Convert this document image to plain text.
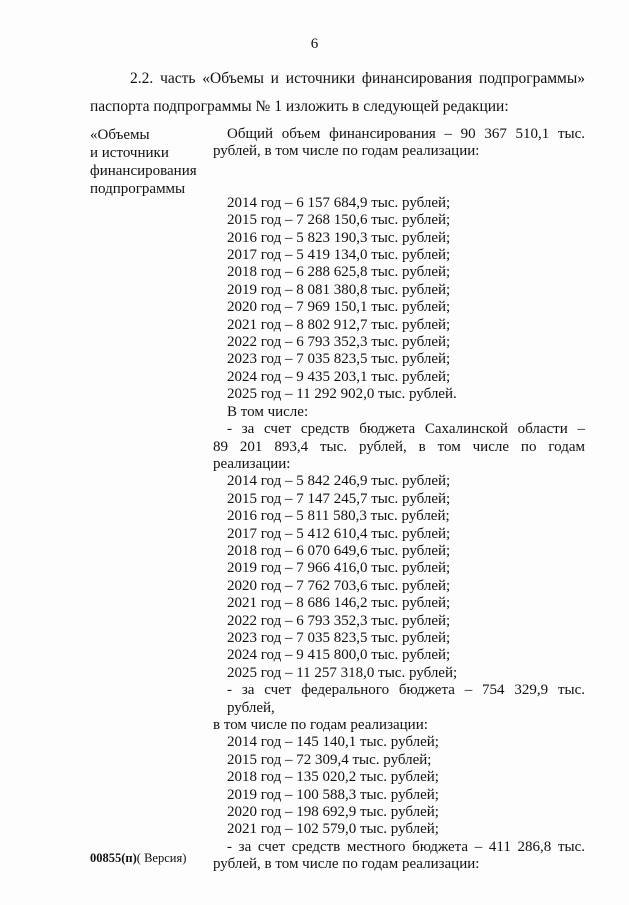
6
2.2. часть «Объемы и источники финансирования подпрограммы»
паспорта подпрограммы № 1 изложить в следующей редакции:
«Объемы
и источники
финансирования
подпрограммы
Общий объем финансирования – 90 367 510,1 тыс.
рублей, в том числе по годам реализации:
2014 год – 6 157 684,9 тыс. рублей;
2015 год – 7 268 150,6 тыс. рублей;
2016 год – 5 823 190,3 тыс. рублей;
2017 год – 5 419 134,0 тыс. рублей;
2018 год – 6 288 625,8 тыс. рублей;
2019 год – 8 081 380,8 тыс. рублей;
2020 год – 7 969 150,1 тыс. рублей;
2021 год – 8 802 912,7 тыс. рублей;
2022 год – 6 793 352,3 тыс. рублей;
2023 год – 7 035 823,5 тыс. рублей;
2024 год – 9 435 203,1 тыс. рублей;
2025 год – 11 292 902,0 тыс. рублей.
В том числе:
- за счет средств бюджета Сахалинской области –
89 201 893,4 тыс. рублей, в том числе по годам
реализации:
2014 год – 5 842 246,9 тыс. рублей;
2015 год – 7 147 245,7 тыс. рублей;
2016 год – 5 811 580,3 тыс. рублей;
2017 год – 5 412 610,4 тыс. рублей;
2018 год – 6 070 649,6 тыс. рублей;
2019 год – 7 966 416,0 тыс. рублей;
2020 год – 7 762 703,6 тыс. рублей;
2021 год – 8 686 146,2 тыс. рублей;
2022 год – 6 793 352,3 тыс. рублей;
2023 год – 7 035 823,5 тыс. рублей;
2024 год – 9 415 800,0 тыс. рублей;
2025 год – 11 257 318,0 тыс. рублей;
- за счет федерального бюджета – 754 329,9 тыс. рублей,
в том числе по годам реализации:
2014 год – 145 140,1 тыс. рублей;
2015 год – 72 309,4 тыс. рублей;
2018 год – 135 020,2 тыс. рублей;
2019 год – 100 588,3 тыс. рублей;
2020 год – 198 692,9 тыс. рублей;
2021 год – 102 579,0 тыс. рублей;
- за счет средств местного бюджета – 411 286,8 тыс.
рублей, в том числе по годам реализации:
00855(п)( Версия)
